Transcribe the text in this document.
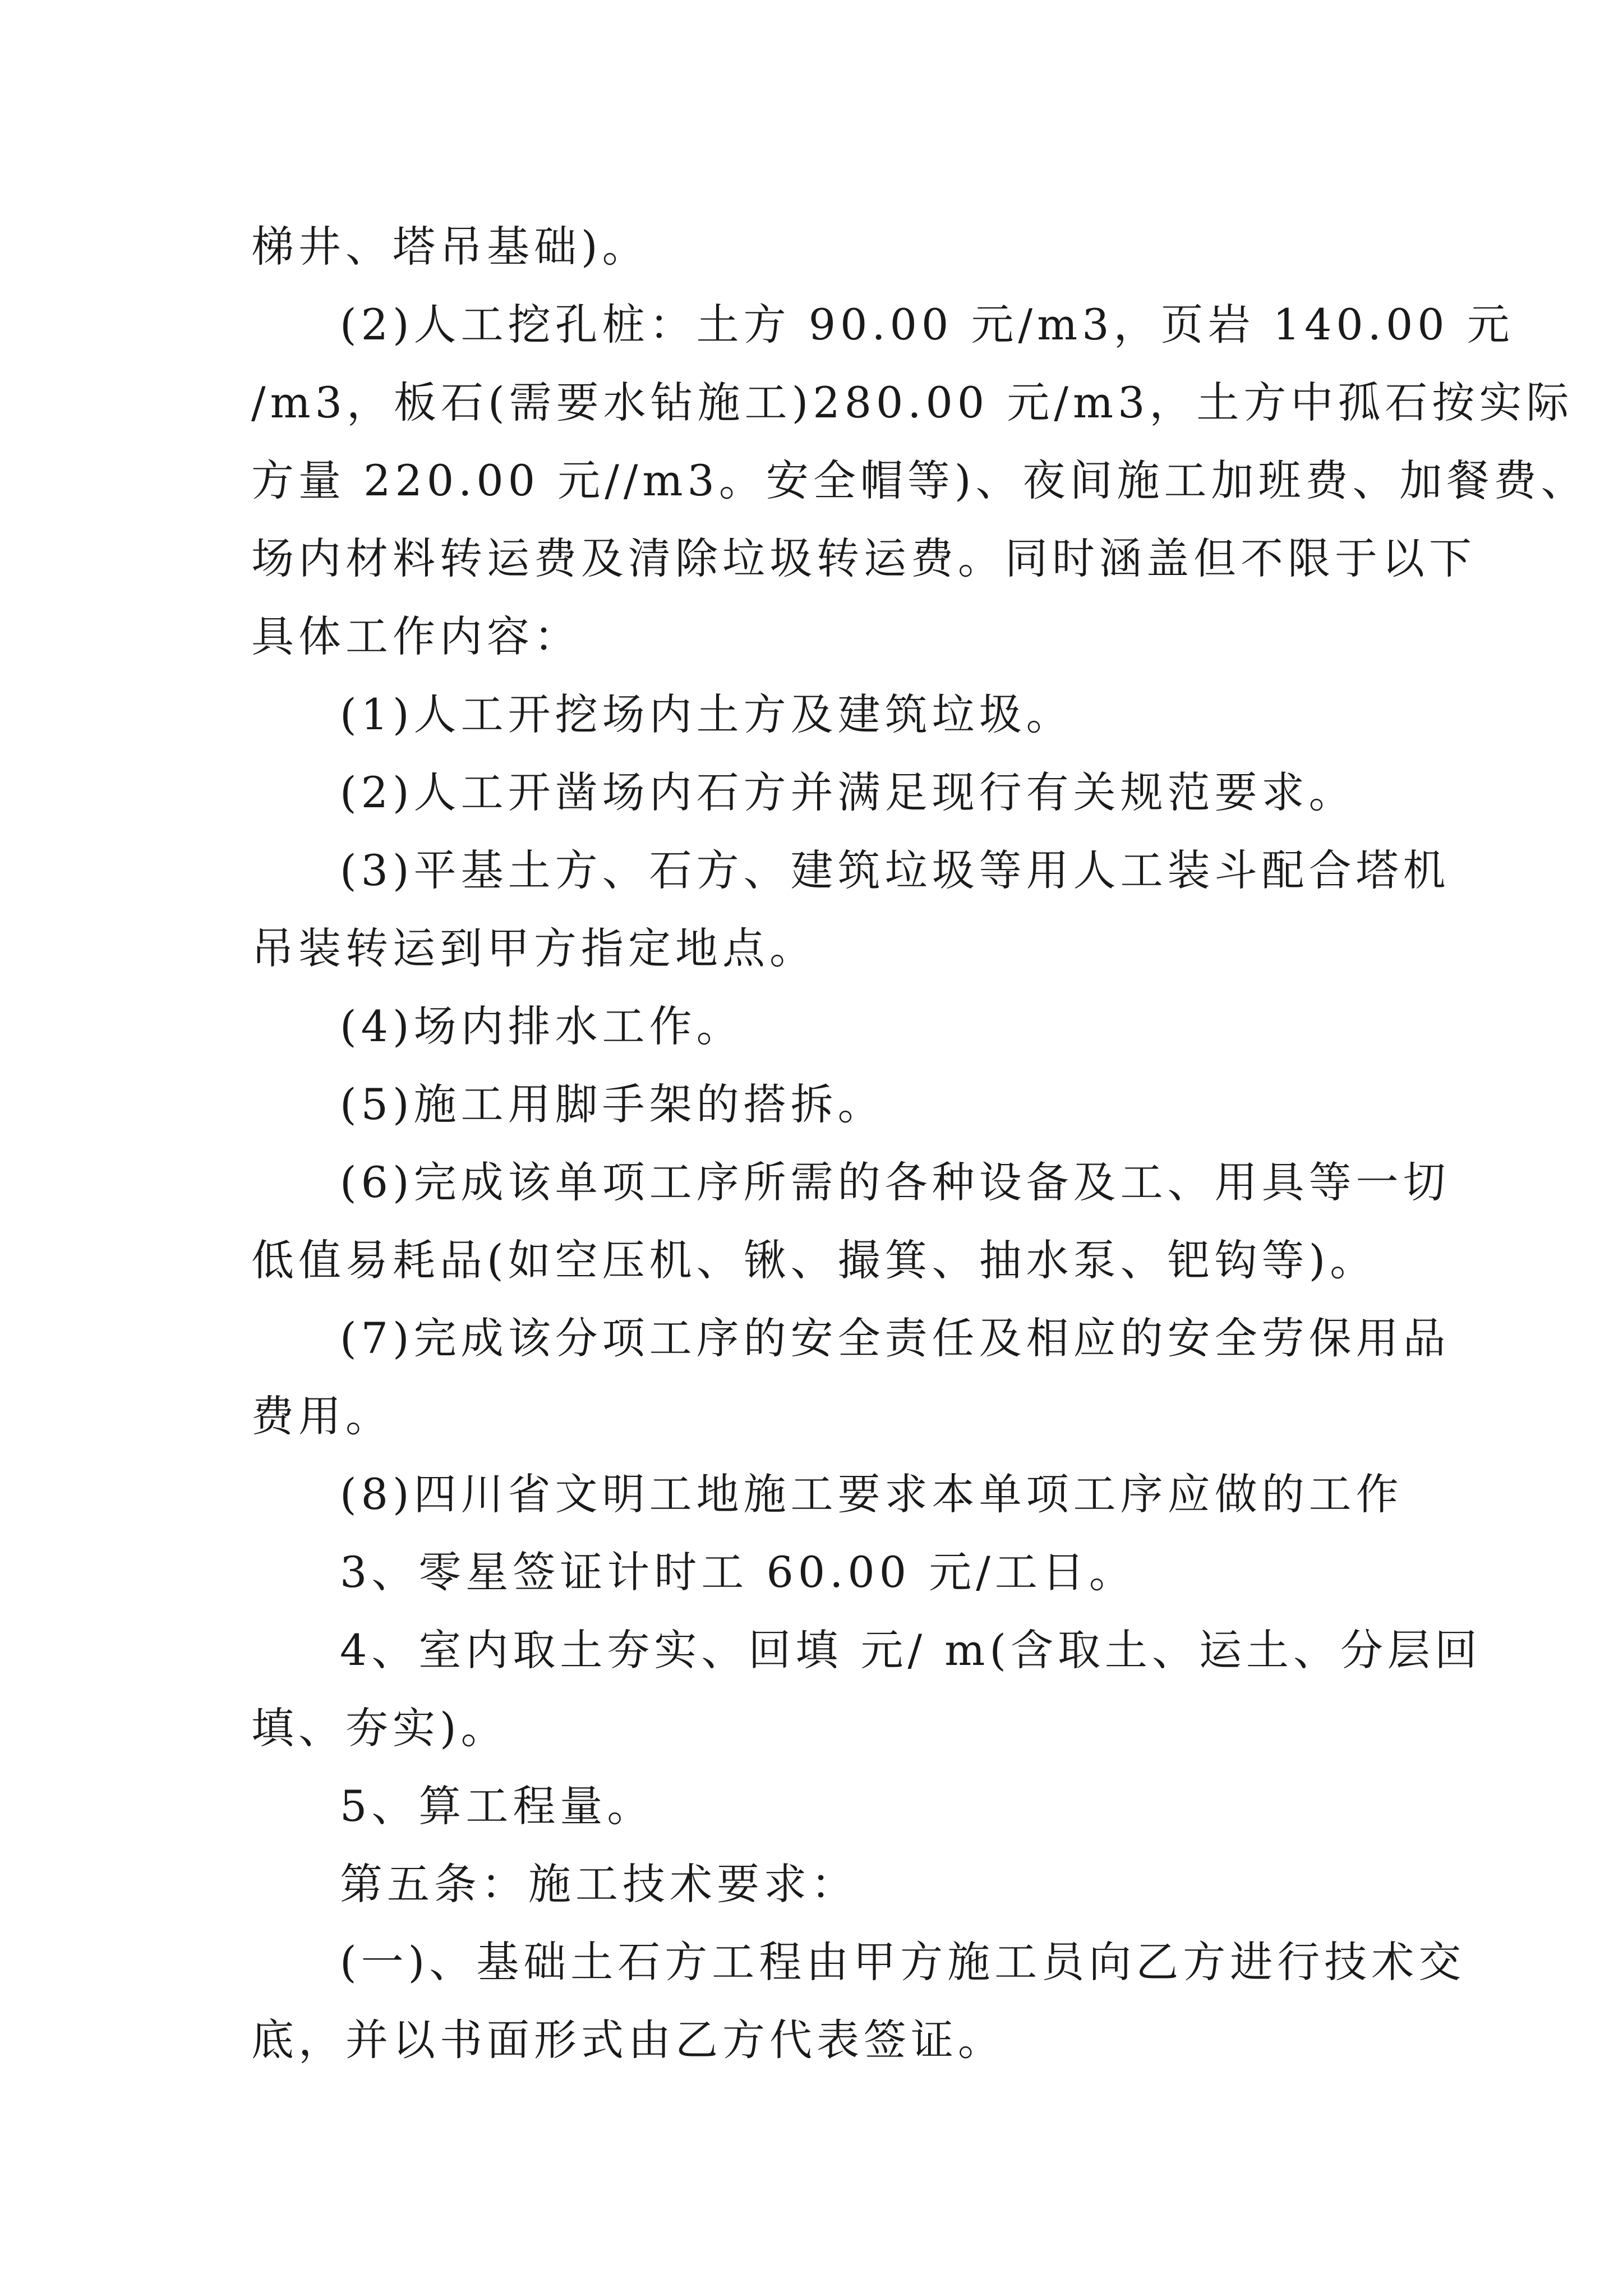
梯井、塔吊基础)。
(2)人工挖孔桩：土方 90.00 元/m3，页岩 140.00 元
/m3，板石(需要水钻施工)280.00 元/m3，土方中孤石按实际
方量 220.00 元//m3。安全帽等)、夜间施工加班费、加餐费、
场内材料转运费及清除垃圾转运费。同时涵盖但不限于以下
具体工作内容：
(1)人工开挖场内土方及建筑垃圾。
(2)人工开凿场内石方并满足现行有关规范要求。
(3)平基土方、石方、建筑垃圾等用人工装斗配合塔机
吊装转运到甲方指定地点。
(4)场内排水工作。
(5)施工用脚手架的搭拆。
(6)完成该单项工序所需的各种设备及工、用具等一切
低值易耗品(如空压机、锹、撮箕、抽水泵、钯钩等)。
(7)完成该分项工序的安全责任及相应的安全劳保用品
费用。
(8)四川省文明工地施工要求本单项工序应做的工作
3、零星签证计时工 60.00 元/工日。
4、室内取土夯实、回填 元/ m(含取土、运土、分层回
填、夯实)。
5、算工程量。
第五条：施工技术要求：
(一)、基础土石方工程由甲方施工员向乙方进行技术交
底，并以书面形式由乙方代表签证。
